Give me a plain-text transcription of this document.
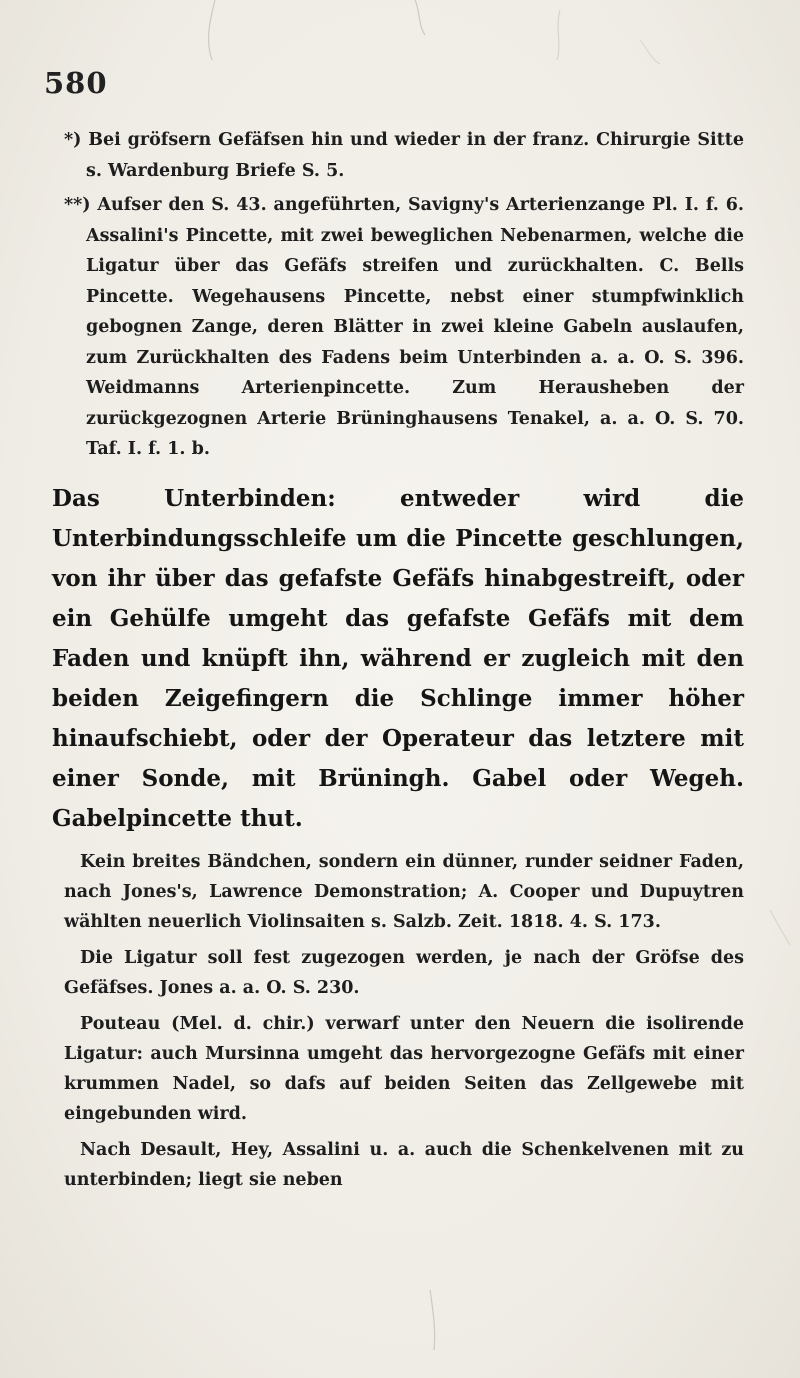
580

*) Bei gröfsern Gefäfsen hin und wieder in der franz. Chirurgie Sitte s. Wardenburg Briefe S. 5.

**) Aufser den S. 43. angeführten, Savigny's Arterienzange Pl. I. f. 6. Assalini's Pincette, mit zwei beweglichen Nebenarmen, welche die Ligatur über das Gefäfs streifen und zurückhalten. C. Bells Pincette. Wegehausens Pincette, nebst einer stumpfwinklich gebognen Zange, deren Blätter in zwei kleine Gabeln auslaufen, zum Zurückhalten des Fadens beim Unterbinden a. a. O. S. 396. Weidmanns Arterienpincette. Zum Herausheben der zurückgezognen Arterie Brüninghausens Tenakel, a. a. O. S. 70. Taf. I. f. 1. b.

Das Unterbinden: entweder wird die Unterbindungsschleife um die Pincette geschlungen, von ihr über das gefafste Gefäfs hinabgestreift, oder ein Gehülfe umgeht das gefafste Gefäfs mit dem Faden und knüpft ihn, während er zugleich mit den beiden Zeigefingern die Schlinge immer höher hinaufschiebt, oder der Operateur das letztere mit einer Sonde, mit Brüningh. Gabel oder Wegeh. Gabelpincette thut.

Kein breites Bändchen, sondern ein dünner, runder seidner Faden, nach Jones's, Lawrence Demonstration; A. Cooper und Dupuytren wählten neuerlich Violinsaiten s. Salzb. Zeit. 1818. 4. S. 173.

Die Ligatur soll fest zugezogen werden, je nach der Gröfse des Gefäfses. Jones a. a. O. S. 230.

Pouteau (Mel. d. chir.) verwarf unter den Neuern die isolirende Ligatur: auch Mursinna umgeht das hervorgezogne Gefäfs mit einer krummen Nadel, so dafs auf beiden Seiten das Zellgewebe mit eingebunden wird.

Nach Desault, Hey, Assalini u. a. auch die Schenkelvenen mit zu unterbinden; liegt sie neben
